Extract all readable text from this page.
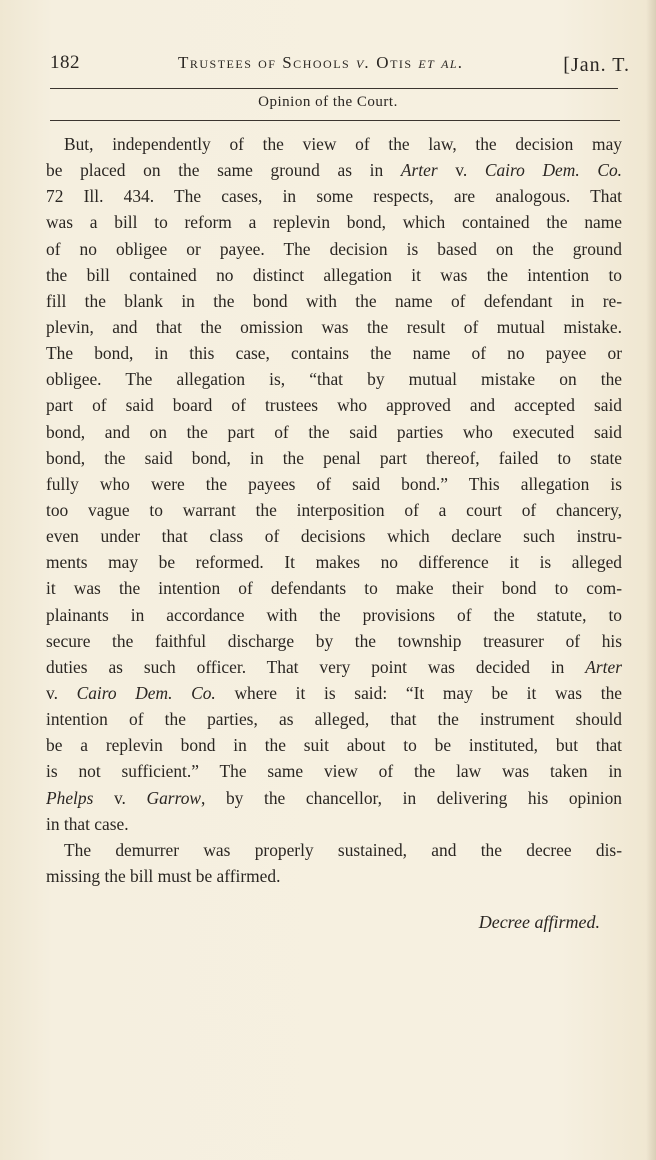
182	Trustees of Schools v. Otis et al.	[Jan. T.
Opinion of the Court.
But, independently of the view of the law, the decision may
be placed on the same ground as in Arter v. Cairo Dem. Co.
72 Ill. 434. The cases, in some respects, are analogous. That
was a bill to reform a replevin bond, which contained the name
of no obligee or payee. The decision is based on the ground
the bill contained no distinct allegation it was the intention to
fill the blank in the bond with the name of defendant in re-
plevin, and that the omission was the result of mutual mistake.
The bond, in this case, contains the name of no payee or
obligee. The allegation is, “that by mutual mistake on the
part of said board of trustees who approved and accepted said
bond, and on the part of the said parties who executed said
bond, the said bond, in the penal part thereof, failed to state
fully who were the payees of said bond.” This allegation is
too vague to warrant the interposition of a court of chancery,
even under that class of decisions which declare such instru-
ments may be reformed. It makes no difference it is alleged
it was the intention of defendants to make their bond to com-
plainants in accordance with the provisions of the statute, to
secure the faithful discharge by the township treasurer of his
duties as such officer. That very point was decided in Arter
v. Cairo Dem. Co. where it is said: “It may be it was the
intention of the parties, as alleged, that the instrument should
be a replevin bond in the suit about to be instituted, but that
is not sufficient.” The same view of the law was taken in
Phelps v. Garrow, by the chancellor, in delivering his opinion
in that case.
The demurrer was properly sustained, and the decree dis-
missing the bill must be affirmed.
Decree affirmed.
